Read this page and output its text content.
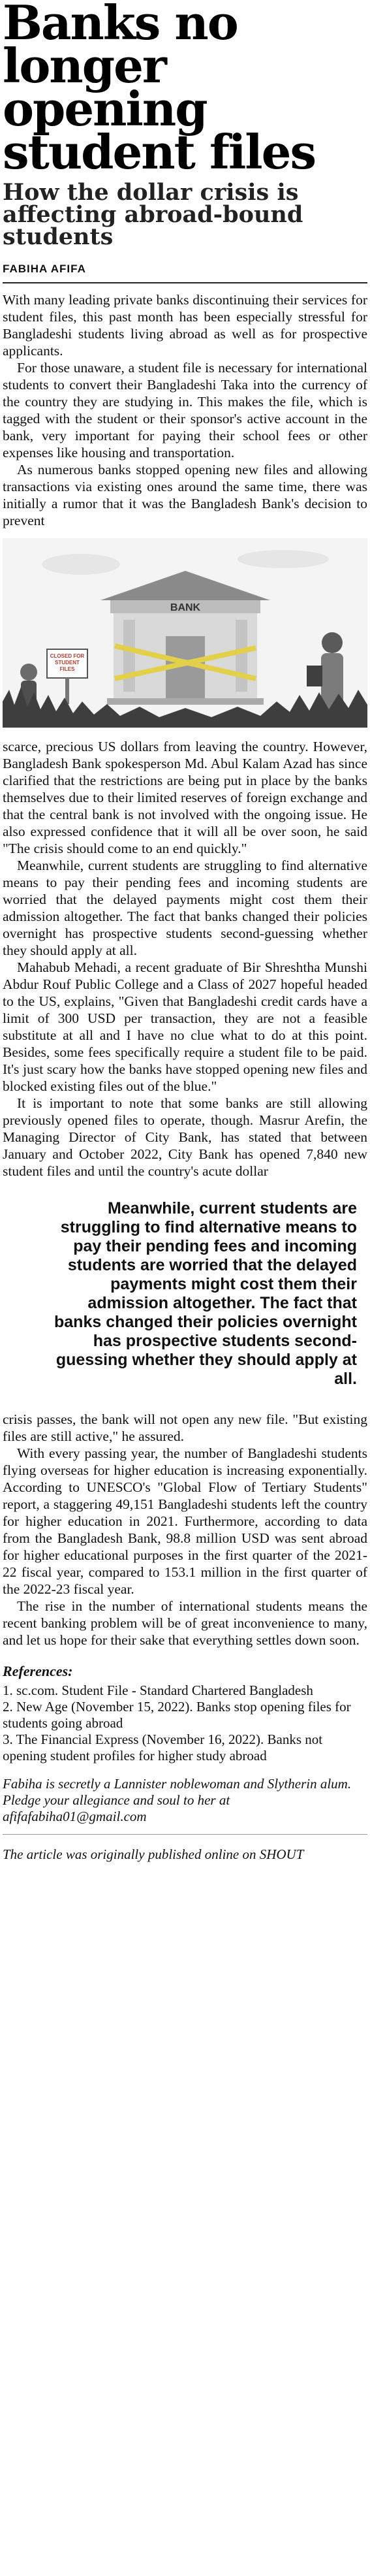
Banks no longer opening student files
How the dollar crisis is affecting abroad-bound students
FABIHA AFIFA

With many leading private banks discontinuing their services for student files, this past month has been especially stressful for Bangladeshi students living abroad as well as for prospective applicants.

For those unaware, a student file is necessary for international students to convert their Bangladeshi Taka into the currency of the country they are studying in. This makes the file, which is tagged with the student or their sponsor's active account in the bank, very important for paying their school fees or other expenses like housing and transportation.

As numerous banks stopped opening new files and allowing transactions via existing ones around the same time, there was initially a rumor that it was the Bangladesh Bank's decision to prevent

BANK
CLOSED FOR STUDENT FILES

scarce, precious US dollars from leaving the country. However, Bangladesh Bank spokesperson Md. Abul Kalam Azad has since clarified that the restrictions are being put in place by the banks themselves due to their limited reserves of foreign exchange and that the central bank is not involved with the ongoing issue. He also expressed confidence that it will all be over soon, he said "The crisis should come to an end quickly."

Meanwhile, current students are struggling to find alternative means to pay their pending fees and incoming students are worried that the delayed payments might cost them their admission altogether. The fact that banks changed their policies overnight has prospective students second-guessing whether they should apply at all.

Mahabub Mehadi, a recent graduate of Bir Shreshtha Munshi Abdur Rouf Public College and a Class of 2027 hopeful headed to the US, explains, "Given that Bangladeshi credit cards have a limit of 300 USD per transaction, they are not a feasible substitute at all and I have no clue what to do at this point. Besides, some fees specifically require a student file to be paid. It's just scary how the banks have stopped opening new files and blocked existing files out of the blue."

It is important to note that some banks are still allowing previously opened files to operate, though. Masrur Arefin, the Managing Director of City Bank, has stated that between January and October 2022, City Bank has opened 7,840 new student files and until the country's acute dollar

Meanwhile, current students are struggling to find alternative means to pay their pending fees and incoming students are worried that the delayed payments might cost them their admission altogether. The fact that banks changed their policies overnight has prospective students second-guessing whether they should apply at all.

crisis passes, the bank will not open any new file. "But existing files are still active," he assured.

With every passing year, the number of Bangladeshi students flying overseas for higher education is increasing exponentially. According to UNESCO's "Global Flow of Tertiary Students" report, a staggering 49,151 Bangladeshi students left the country for higher education in 2021. Furthermore, according to data from the Bangladesh Bank, 98.8 million USD was sent abroad for higher educational purposes in the first quarter of the 2021-22 fiscal year, compared to 153.1 million in the first quarter of the 2022-23 fiscal year.

The rise in the number of international students means the recent banking problem will be of great inconvenience to many, and let us hope for their sake that everything settles down soon.

References:
1. sc.com. Student File - Standard Chartered Bangladesh
2. New Age (November 15, 2022). Banks stop opening files for students going abroad
3. The Financial Express (November 16, 2022). Banks not opening student profiles for higher study abroad
Fabiha is secretly a Lannister noblewoman and Slytherin alum. Pledge your allegiance and soul to her at afifafabiha01@gmail.com
The article was originally published online on SHOUT
